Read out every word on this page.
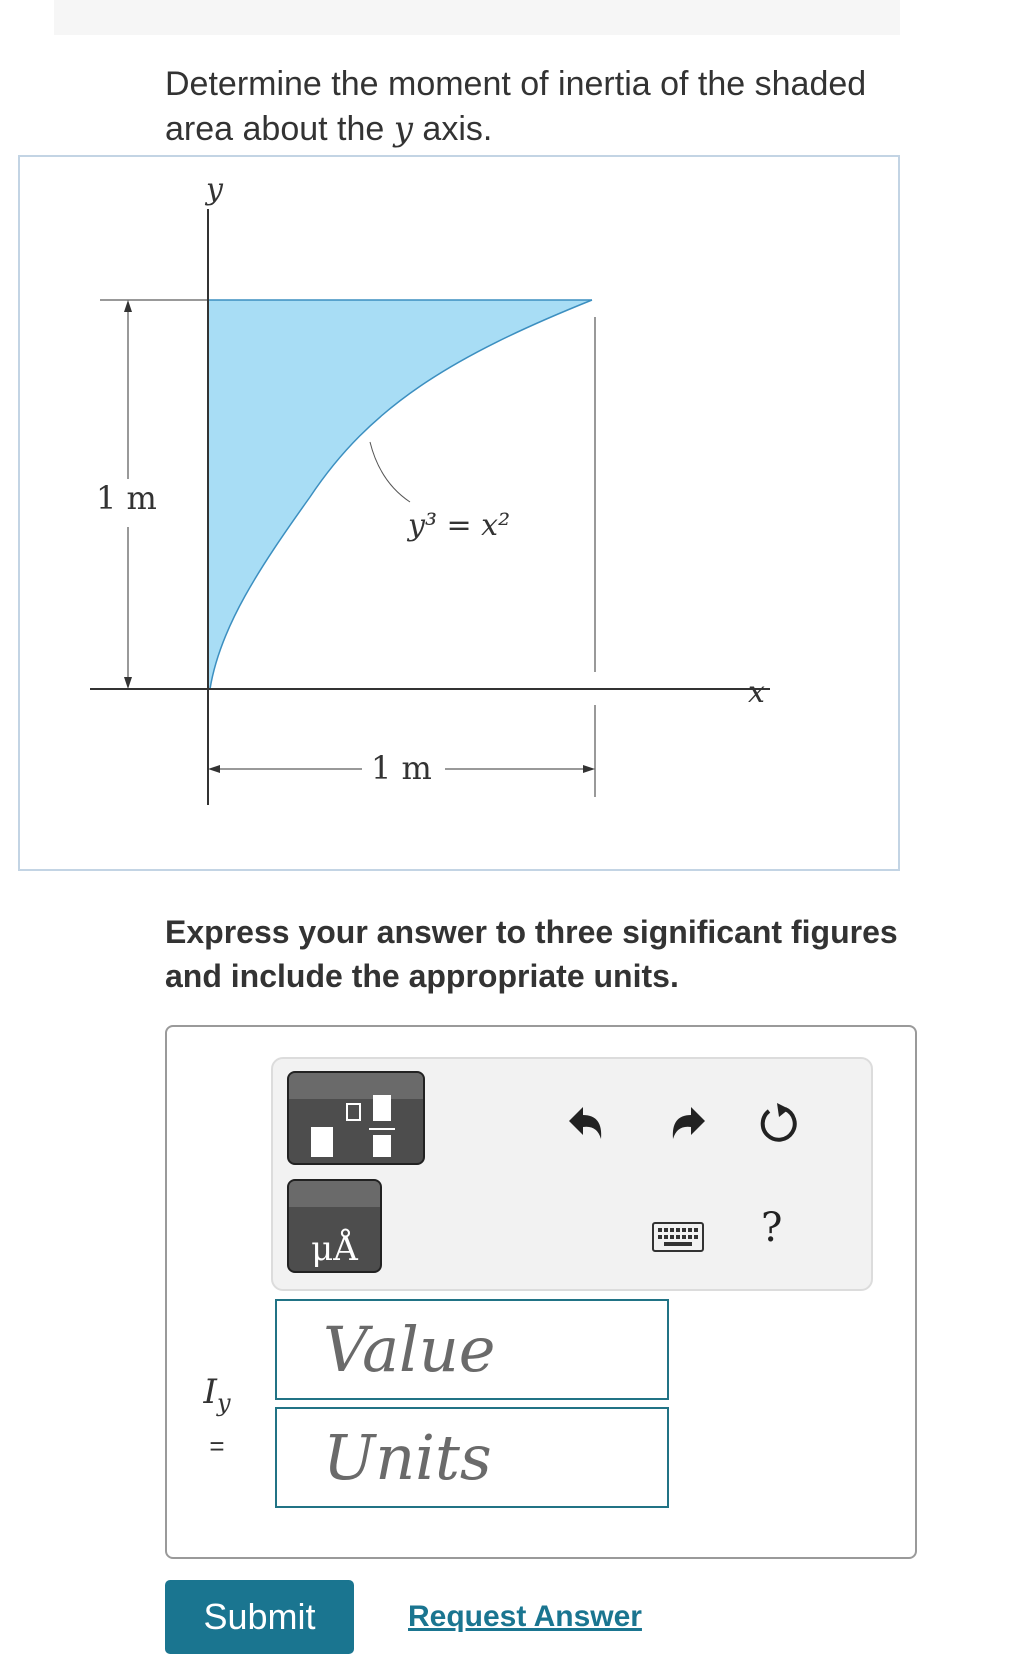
Determine the moment of inertia of the shaded area about the y axis.
y
x
1 m
1 m
y³ = x²
Express your answer to three significant figures and include the appropriate units.
μÅ	?
Iy
=
Value
Units
Submit	Request Answer
